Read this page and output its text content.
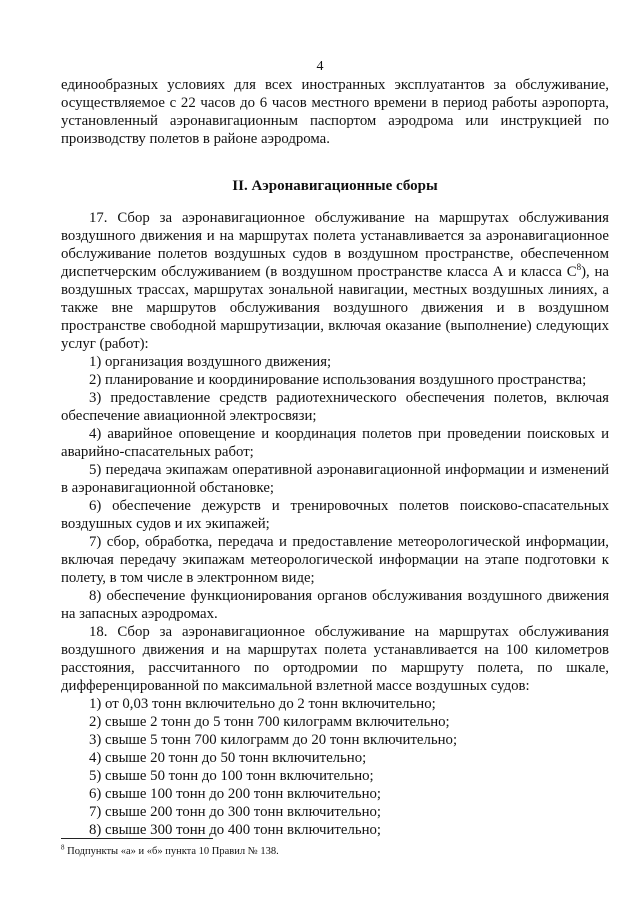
4

единообразных условиях для всех иностранных эксплуатантов за обслуживание, осуществляемое с 22 часов до 6 часов местного времени в период работы аэропорта, установленный аэронавигационным паспортом аэродрома или инструкцией по производству полетов в районе аэродрома.

II. Аэронавигационные сборы

17. Сбор за аэронавигационное обслуживание на маршрутах обслуживания воздушного движения и на маршрутах полета устанавливается за аэронавигационное обслуживание полетов воздушных судов в воздушном пространстве, обеспеченном диспетчерским обслуживанием (в воздушном пространстве класса А и класса $С^8$), на воздушных трассах, маршрутах зональной навигации, местных воздушных линиях, а также вне маршрутов обслуживания воздушного движения и в воздушном пространстве свободной маршрутизации, включая оказание (выполнение) следующих услуг (работ):

1) организация воздушного движения;

2) планирование и координирование использования воздушного пространства;

3) предоставление средств радиотехнического обеспечения полетов, включая обеспечение авиационной электросвязи;

4) аварийное оповещение и координация полетов при проведении поисковых и аварийно-спасательных работ;

5) передача экипажам оперативной аэронавигационной информации и изменений в аэронавигационной обстановке;

6) обеспечение дежурств и тренировочных полетов поисково-спасательных воздушных судов и их экипажей;

7) сбор, обработка, передача и предоставление метеорологической информации, включая передачу экипажам метеорологической информации на этапе подготовки к полету, в том числе в электронном виде;

8) обеспечение функционирования органов обслуживания воздушного движения на запасных аэродромах.

18. Сбор за аэронавигационное обслуживание на маршрутах обслуживания воздушного движения и на маршрутах полета устанавливается на 100 километров расстояния, рассчитанного по ортодромии по маршруту полета, по шкале, дифференцированной по максимальной взлетной массе воздушных судов:

1) от 0,03 тонн включительно до 2 тонн включительно;

2) свыше 2 тонн до 5 тонн 700 килограмм включительно;

3) свыше 5 тонн 700 килограмм до 20 тонн включительно;

4) свыше 20 тонн до 50 тонн включительно;

5) свыше 50 тонн до 100 тонн включительно;

6) свыше 100 тонн до 200 тонн включительно;

7) свыше 200 тонн до 300 тонн включительно;

8) свыше 300 тонн до 400 тонн включительно;

$^8$ Подпункты «а» и «б» пункта 10 Правил № 138.
